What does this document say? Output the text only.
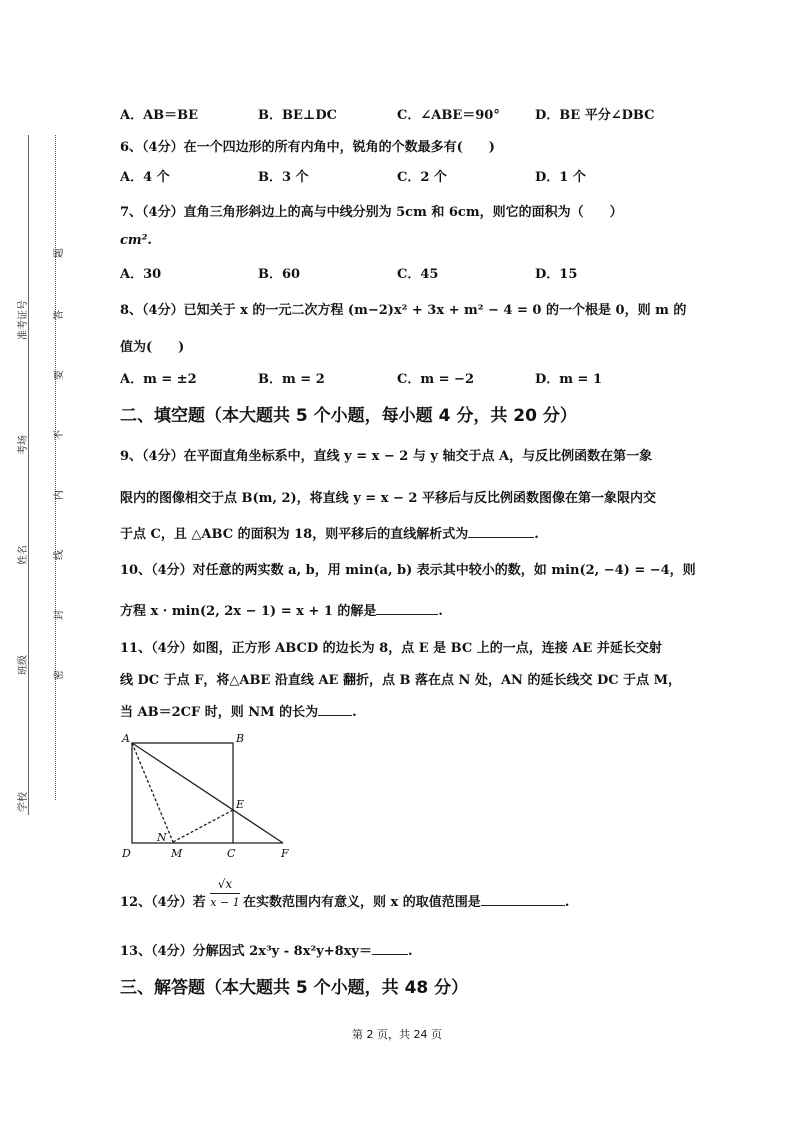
准考证号
考场
姓名
班级
学校
题
答
要
不
内
线
封
密
A．AB＝BE	B．BE⊥DC	C．∠ABE＝90°	D．BE 平分∠DBC
6、（4分）在一个四边形的所有内角中，锐角的个数最多有(　　)
A．4 个	B．3 个	C．2 个	D．1 个
7、（4分）直角三角形斜边上的高与中线分别为 5cm 和 6cm，则它的面积为（　　）
cm².
A．30	B．60	C．45	D．15
8、（4分）已知关于 x 的一元二次方程 (m−2)x² + 3x + m² − 4 = 0 的一个根是 0，则 m 的
值为(　　)
A．m = ±2	B．m = 2	C．m = −2	D．m = 1
二、填空题（本大题共 5 个小题，每小题 4 分，共 20 分）
9、（4分）在平面直角坐标系中，直线 y = x − 2 与 y 轴交于点 A，与反比例函数在第一象
限内的图像相交于点 B(m, 2)，将直线 y = x − 2 平移后与反比例函数图像在第一象限内交
于点 C，且 △ABC 的面积为 18，则平移后的直线解析式为	.
10、（4分）对任意的两实数 a, b，用 min(a, b) 表示其中较小的数，如 min(2, −4) = −4，则
方程 x · min(2, 2x − 1) = x + 1 的解是	.
11、（4分）如图，正方形 ABCD 的边长为 8，点 E 是 BC 上的一点，连接 AE 并延长交射
线 DC 于点 F，将△ABE 沿直线 AE 翻折，点 B 落在点 N 处，AN 的延长线交 DC 于点 M，
当 AB＝2CF 时，则 NM 的长为	.
A	B
E
N
D	M	C	F
12、（4分）若
√x
x − 1 在实数范围内有意义，则 x 的取值范围是	.
13、（4分）分解因式 2x³y - 8x²y+8xy＝	.
三、解答题（本大题共 5 个小题，共 48 分）
第 2 页，共 24 页
